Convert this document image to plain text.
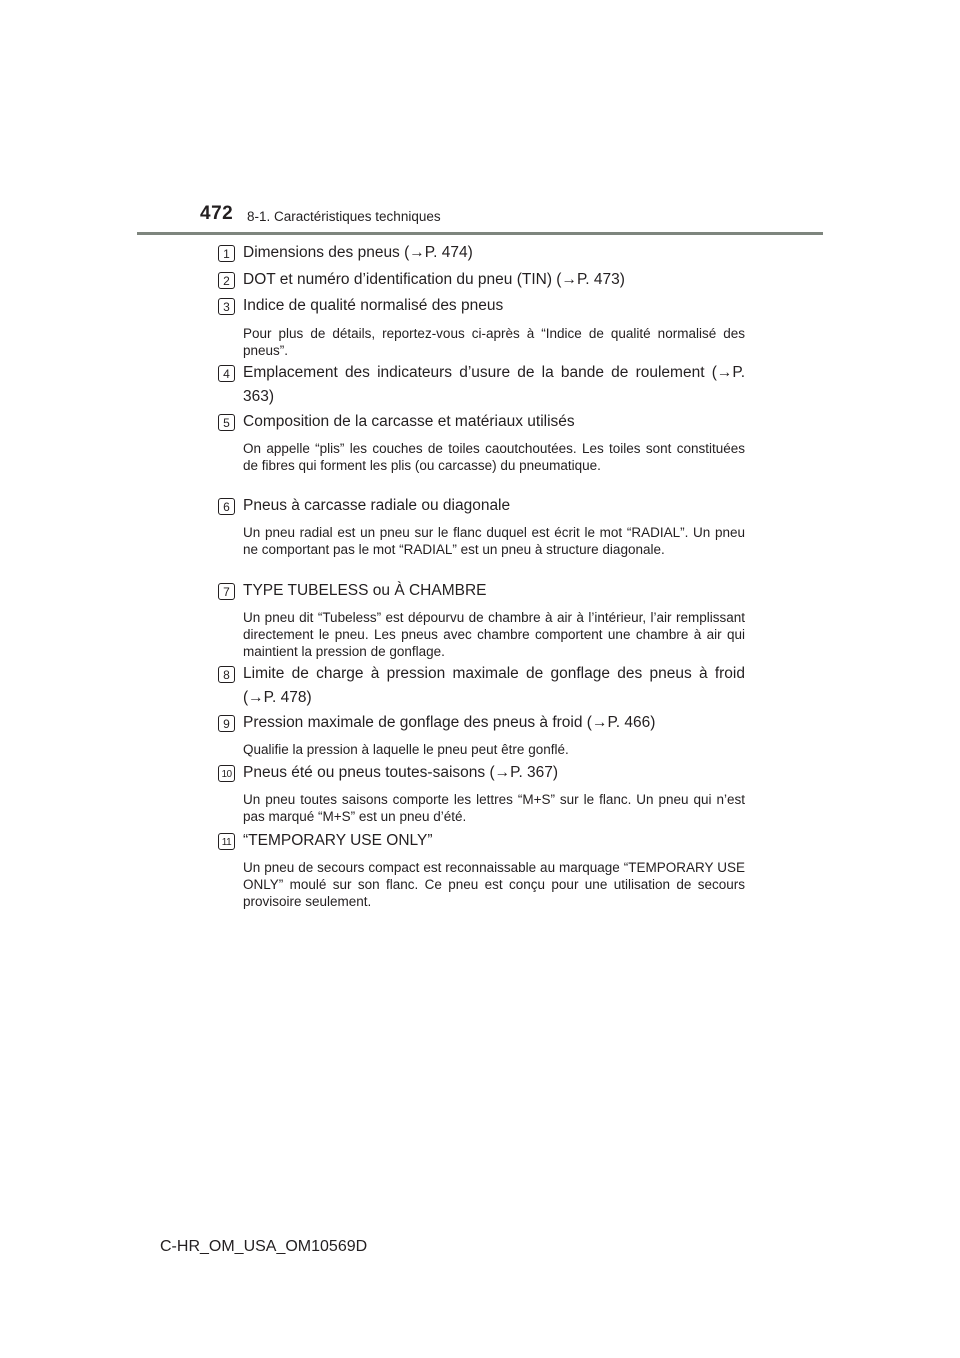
472 8-1. Caractéristiques techniques
1 Dimensions des pneus (→P. 474)
2 DOT et numéro d’identification du pneu (TIN) (→P. 473)
3 Indice de qualité normalisé des pneus
Pour plus de détails, reportez-vous ci-après à “Indice de qualité normalisé des pneus”.
4 Emplacement des indicateurs d’usure de la bande de roulement (→P. 363)
5 Composition de la carcasse et matériaux utilisés
On appelle “plis” les couches de toiles caoutchoutées. Les toiles sont constituées de fibres qui forment les plis (ou carcasse) du pneumatique.
6 Pneus à carcasse radiale ou diagonale
Un pneu radial est un pneu sur le flanc duquel est écrit le mot “RADIAL”. Un pneu ne comportant pas le mot “RADIAL” est un pneu à structure diagonale.
7 TYPE TUBELESS ou À CHAMBRE
Un pneu dit “Tubeless” est dépourvu de chambre à air à l’intérieur, l’air remplissant directement le pneu. Les pneus avec chambre comportent une chambre à air qui maintient la pression de gonflage.
8 Limite de charge à pression maximale de gonflage des pneus à froid (→P. 478)
9 Pression maximale de gonflage des pneus à froid (→P. 466)
Qualifie la pression à laquelle le pneu peut être gonflé.
10 Pneus été ou pneus toutes-saisons (→P. 367)
Un pneu toutes saisons comporte les lettres “M+S” sur le flanc. Un pneu qui n’est pas marqué “M+S” est un pneu d’été.
11 “TEMPORARY USE ONLY”
Un pneu de secours compact est reconnaissable au marquage “TEMPORARY USE ONLY” moulé sur son flanc. Ce pneu est conçu pour une utilisation de secours provisoire seulement.
C-HR_OM_USA_OM10569D
